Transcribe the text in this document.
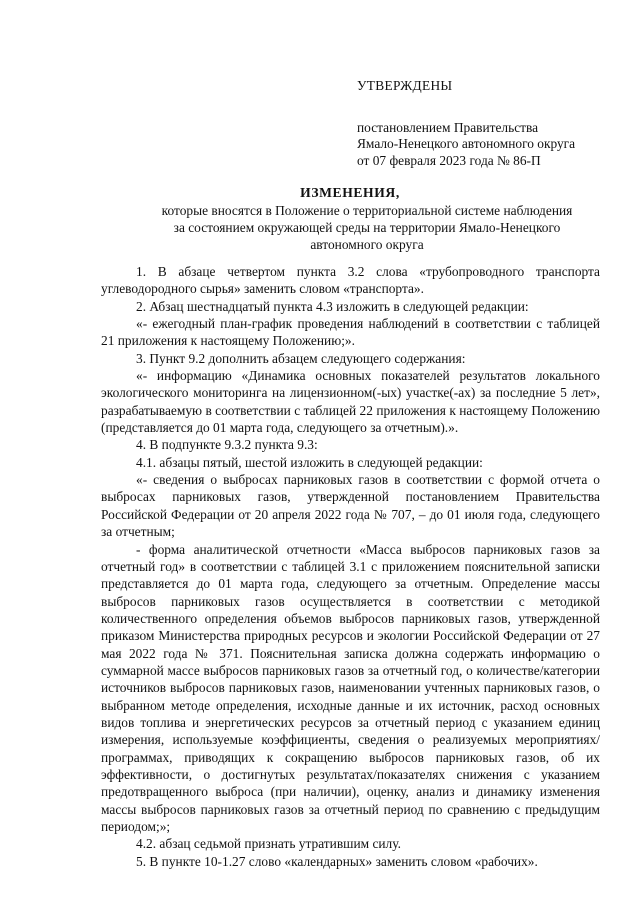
УТВЕРЖДЕНЫ
постановлением Правительства
Ямало-Ненецкого автономного округа
от 07 февраля 2023 года № 86-П
ИЗМЕНЕНИЯ,
которые вносятся в Положение о территориальной системе наблюдения
за состоянием окружающей среды на территории Ямало-Ненецкого
автономного округа

1. В абзаце четвертом пункта 3.2 слова «трубопроводного транспорта углеводородного сырья» заменить словом «транспорта».

2. Абзац шестнадцатый пункта 4.3 изложить в следующей редакции:

«- ежегодный план-график проведения наблюдений в соответствии с таблицей 21 приложения к настоящему Положению;».

3. Пункт 9.2 дополнить абзацем следующего содержания:

«- информацию «Динамика основных показателей результатов локального экологического мониторинга на лицензионном(-ых) участке(-ах) за последние 5 лет», разрабатываемую в соответствии с таблицей 22 приложения к настоящему Положению (представляется до 01 марта года, следующего за отчетным).».

4. В подпункте 9.3.2 пункта 9.3:

4.1. абзацы пятый, шестой изложить в следующей редакции:

«- сведения о выбросах парниковых газов в соответствии с формой отчета о выбросах парниковых газов, утвержденной постановлением Правительства Российской Федерации от 20 апреля 2022 года № 707, – до 01 июля года, следующего за отчетным;

- форма аналитической отчетности «Масса выбросов парниковых газов за отчетный год» в соответствии с таблицей 3.1 с приложением пояснительной записки представляется до 01 марта года, следующего за отчетным. Определение массы выбросов парниковых газов осуществляется в соответствии с методикой количественного определения объемов выбросов парниковых газов, утвержденной приказом Министерства природных ресурсов и экологии Российской Федерации от 27 мая 2022 года № 371. Пояснительная записка должна содержать информацию о суммарной массе выбросов парниковых газов за отчетный год, о количестве/категории источников выбросов парниковых газов, наименовании учтенных парниковых газов, о выбранном методе определения, исходные данные и их источник, расход основных видов топлива и энергетических ресурсов за отчетный период с указанием единиц измерения, используемые коэффициенты, сведения о реализуемых мероприятиях/ программах, приводящих к сокращению выбросов парниковых газов, об их эффективности, о достигнутых результатах/показателях снижения с указанием предотвращенного выброса (при наличии), оценку, анализ и динамику изменения массы выбросов парниковых газов за отчетный период по сравнению с предыдущим периодом;»;

4.2. абзац седьмой признать утратившим силу.

5. В пункте 10-1.27 слово «календарных» заменить словом «рабочих».
